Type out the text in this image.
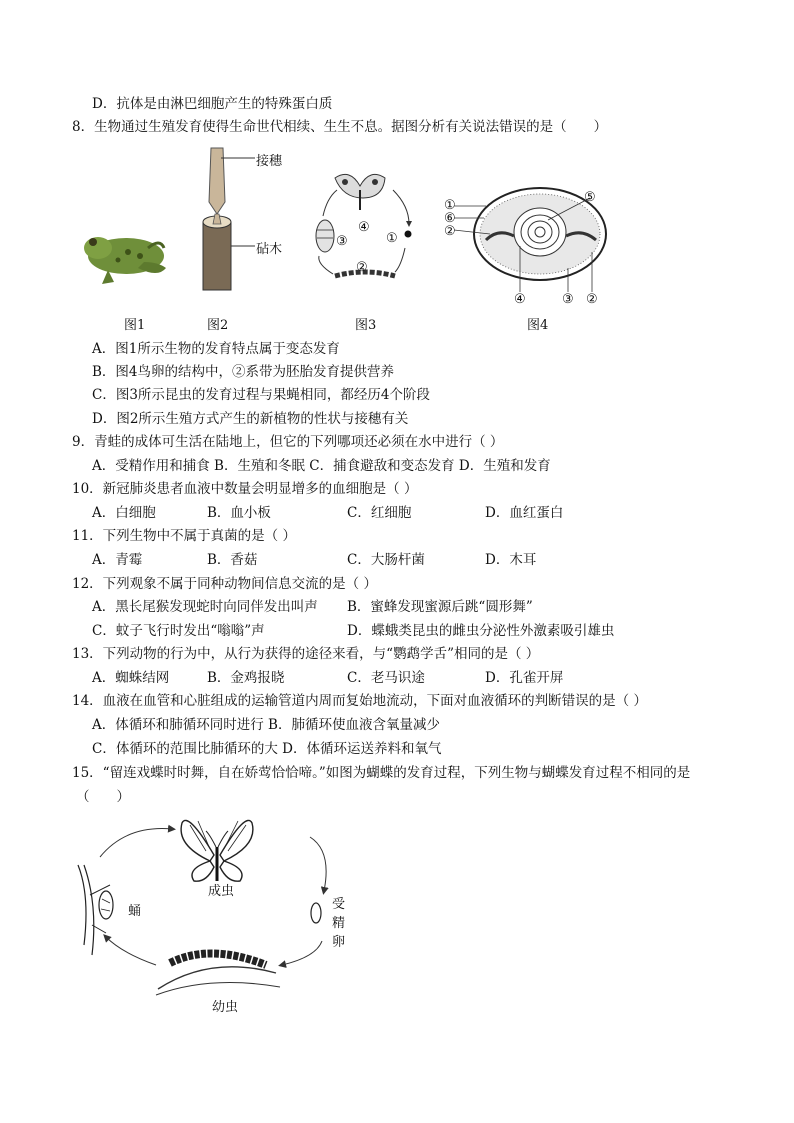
D．抗体是由淋巴细胞产生的特殊蛋白质
8．生物通过生殖发育使得生命世代相续、生生不息。据图分析有关说法错误的是（　　）
接穗
砧木
④
①
③
②
①
⑥
②
⑤
④	③ ②
图1	图2	图3	图4
A．图1所示生物的发育特点属于变态发育
B．图4鸟卵的结构中，②系带为胚胎发育提供营养
C．图3所示昆虫的发育过程与果蝇相同，都经历4个阶段
D．图2所示生殖方式产生的新植物的性状与接穗有关
9．青蛙的成体可生活在陆地上，但它的下列哪项还必须在水中进行（ ）
A．受精作用和捕食 B．生殖和冬眠 C．捕食避敌和变态发育 D．生殖和发育
10．新冠肺炎患者血液中数量会明显增多的血细胞是（ ）
A．白细胞	B．血小板	C．红细胞	D．血红蛋白
11．下列生物中不属于真菌的是（ ）
A．青霉	B．香菇	C．大肠杆菌	D．木耳
12．下列观象不属于同种动物间信息交流的是（ ）
A．黑长尾猴发现蛇时向同伴发出叫声 B．蜜蜂发现蜜源后跳“圆形舞”
C．蚊子飞行时发出“嗡嗡”声	D．蝶蛾类昆虫的雌虫分泌性外激素吸引雄虫
13．下列动物的行为中，从行为获得的途径来看，与“鹦鹉学舌”相同的是（ ）
A．蜘蛛结网	B．金鸡报晓	C．老马识途	D．孔雀开屏
14．血液在血管和心脏组成的运输管道内周而复始地流动，下面对血液循环的判断错误的是（ ）
A．体循环和肺循环同时进行 B．肺循环使血液含氧量减少
C．体循环的范围比肺循环的大 D．体循环运送养料和氧气
15．“留连戏蝶时时舞，自在娇莺恰恰啼。”如图为蝴蝶的发育过程，下列生物与蝴蝶发育过程不相同的是
（　　）
成虫
蛹
幼虫
受
精
卵
